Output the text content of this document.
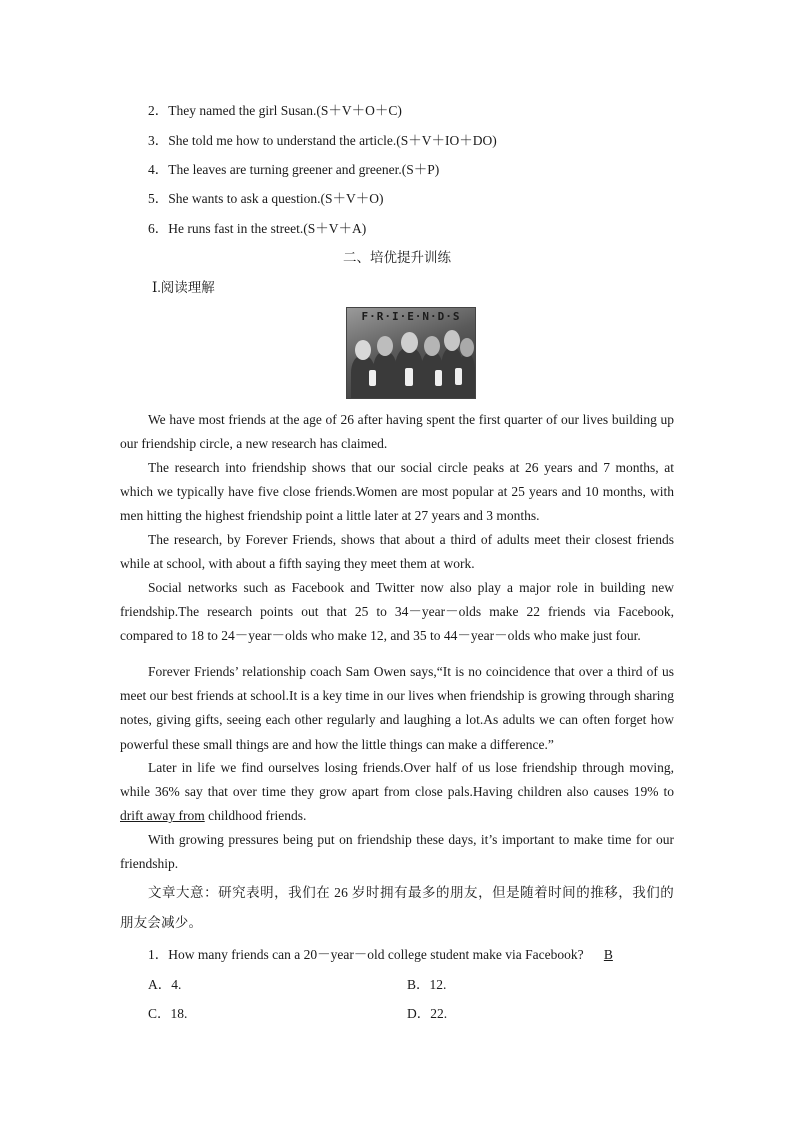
2．They named the girl Susan.(S＋V＋O＋C)
3．She told me how to understand the article.(S＋V＋IO＋DO)
4．The leaves are turning greener and greener.(S＋P)
5．She wants to ask a question.(S＋V＋O)
6．He runs fast in the street.(S＋V＋A)
二、培优提升训练
Ⅰ.阅读理解
F·R·I·E·N·D·S

We have most friends at the age of 26 after having spent the first quarter of our lives building up our friendship circle, a new research has claimed.

The research into friendship shows that our social circle peaks at 26 years and 7 months, at which we typically have five close friends.Women are most popular at 25 years and 10 months, with men hitting the highest friendship point a little later at 27 years and 3 months.

The research, by Forever Friends, shows that about a third of adults meet their closest friends while at school, with about a fifth saying they meet them at work.

Social networks such as Facebook and Twitter now also play a major role in building new friendship.The research points out that 25 to 34－year－olds make 22 friends via Facebook, compared to 18 to 24－year－olds who make 12, and 35 to 44－year－olds who make just four.

Forever Friends’ relationship coach Sam Owen says,“It is no coincidence that over a third of us meet our best friends at school.It is a key time in our lives when friendship is growing through sharing notes, giving gifts, seeing each other regularly and laughing a lot.As adults we can often forget how powerful these small things are and how the little things can make a difference.”

Later in life we find ourselves losing friends.Over half of us lose friendship through moving, while 36% say that over time they grow apart from close pals.Having children also causes 19% to drift away from childhood friends.

With growing pressures being put on friendship these days, it’s important to make time for our friendship.

文章大意：研究表明，我们在 26 岁时拥有最多的朋友，但是随着时间的推移，我们的朋友会减少。

1．How many friends can a 20－year－old college student make via Facebook? B
A．4.	B．12.
C．18.	D．22.
